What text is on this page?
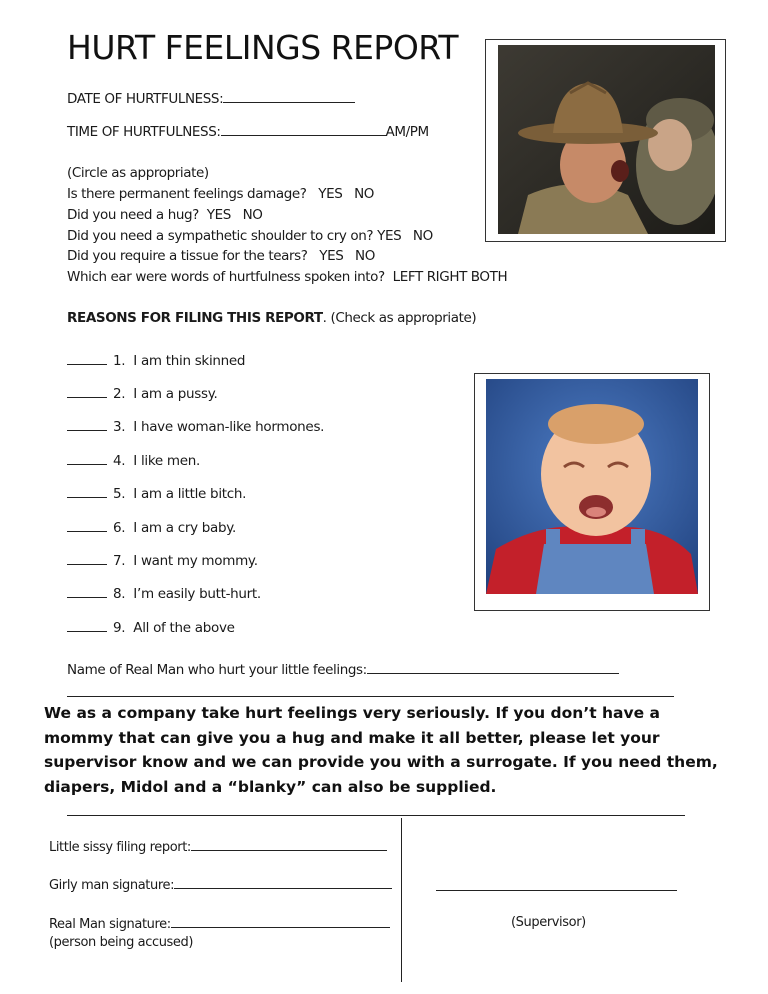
HURT FEELINGS REPORT
DATE OF HURTFULNESS:
TIME OF HURTFULNESS:	AM/PM
(Circle as appropriate)
Is there permanent feelings damage? YES   NO
Did you need a hug? YES   NO
Did you need a sympathetic shoulder to cry on? YES   NO
Did you require a tissue for the tears? YES   NO
Which ear were words of hurtfulness spoken into? LEFT RIGHT BOTH
REASONS FOR FILING THIS REPORT. (Check as appropriate)
1. I am thin skinned
2. I am a pussy.
3. I have woman-like hormones.
4. I like men.
5. I am a little bitch.
6. I am a cry baby.
7. I want my mommy.
8. I’m easily butt-hurt.
9. All of the above
Name of Real Man who hurt your little feelings:
We as a company take hurt feelings very seriously. If you don’t have a mommy that can give you a hug and make it all better, please let your supervisor know and we can provide you with a surrogate. If you need them, diapers, Midol and a “blanky” can also be supplied.
Little sissy filing report:
Girly man signature:
Real Man signature:
(person being accused)
(Supervisor)
